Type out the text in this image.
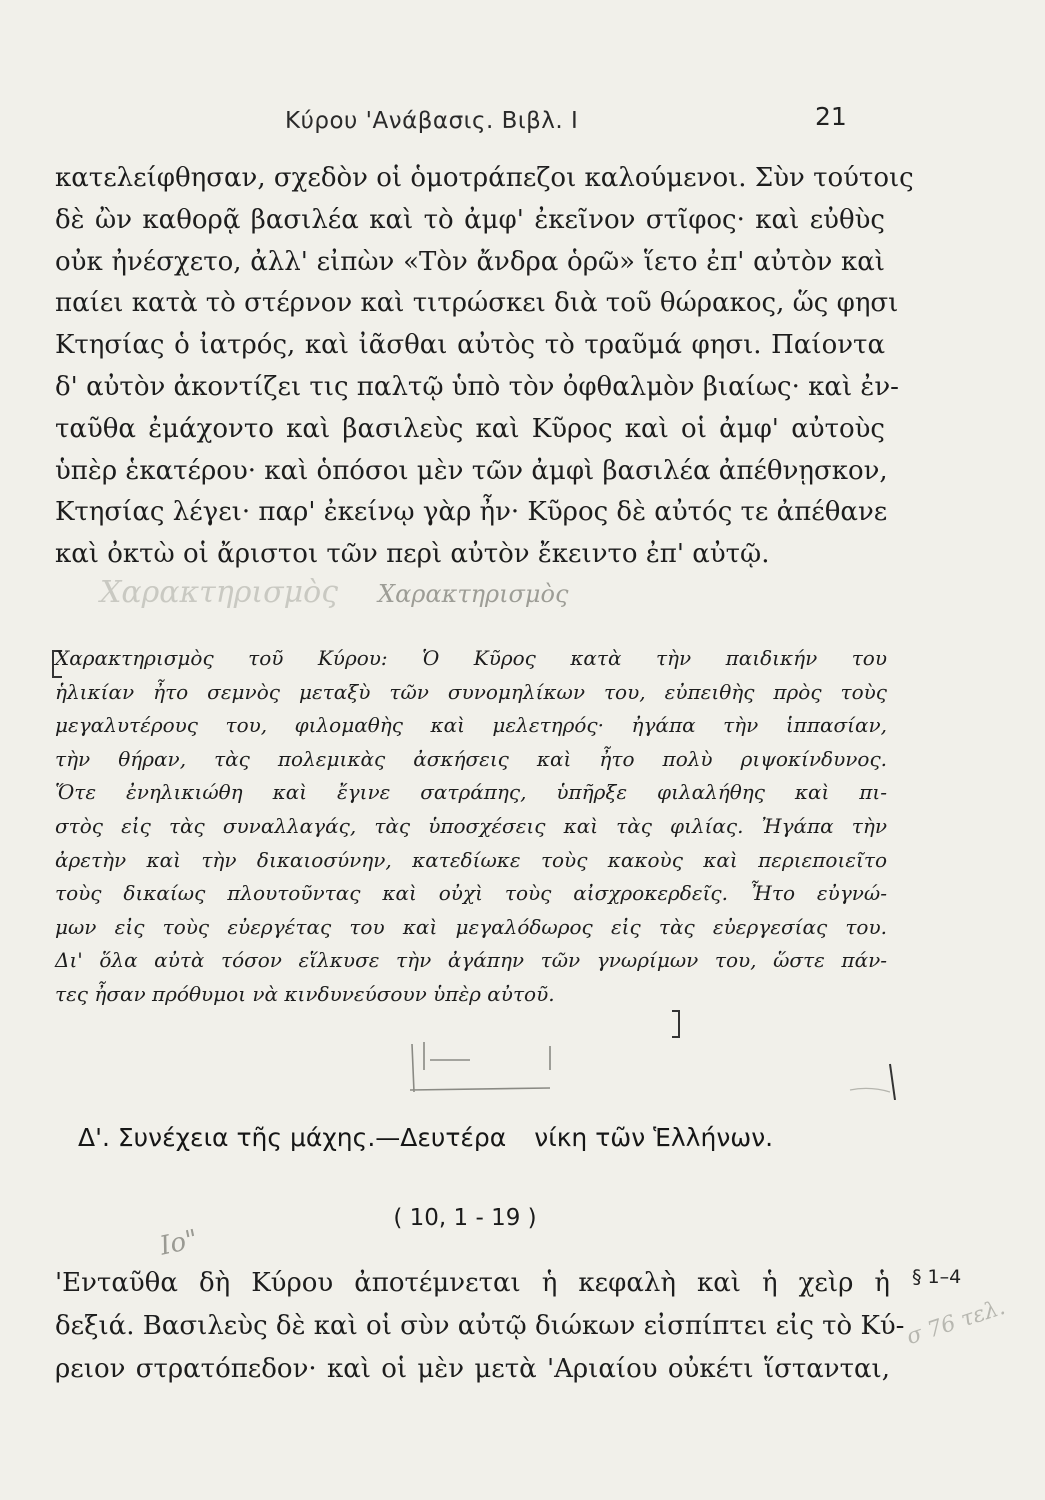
Κύρου 'Ανάβασις. Βιβλ. Ι	21
κατελείφθησαν, σχεδὸν οἱ ὁμοτράπεζοι καλούμενοι. Σὺν τούτοις
δὲ ὢν καθορᾷ βασιλέα καὶ τὸ ἀμφ' ἐκεῖνον στῖφος· καὶ εὐθὺς
οὐκ ἠνέσχετο, ἀλλ' εἰπὼν «Τὸν ἄνδρα ὁρῶ» ἵετο ἐπ' αὐτὸν καὶ
παίει κατὰ τὸ στέρνον καὶ τιτρώσκει διὰ τοῦ θώρακος, ὥς φησι
Κτησίας ὁ ἰατρός, καὶ ἰᾶσθαι αὐτὸς τὸ τραῦμά φησι. Παίοντα
δ' αὐτὸν ἀκοντίζει τις παλτῷ ὑπὸ τὸν ὀφθαλμὸν βιαίως· καὶ ἐν-
ταῦθα ἐμάχοντο καὶ βασιλεὺς καὶ Κῦρος καὶ οἱ ἀμφ' αὐτοὺς
ὑπὲρ ἑκατέρου· καὶ ὁπόσοι μὲν τῶν ἀμφὶ βασιλέα ἀπέθνῃσκον,
Κτησίας λέγει· παρ' ἐκείνῳ γὰρ ἦν· Κῦρος δὲ αὐτός τε ἀπέθανε
καὶ ὀκτὼ οἱ ἄριστοι τῶν περὶ αὐτὸν ἔκειντο ἐπ' αὐτῷ.
Χαρακτηρισμὸς Χαρακτηρισμὸς
Χαρακτηρισμὸς τοῦ Κύρου: Ὁ Κῦρος κατὰ τὴν παιδικήν του
ἡλικίαν ἦτο σεμνὸς μεταξὺ τῶν συνομηλίκων του, εὐπειθὴς πρὸς τοὺς
μεγαλυτέρους του, φιλομαθὴς καὶ μελετηρός· ἠγάπα τὴν ἱππασίαν,
τὴν θήραν, τὰς πολεμικὰς ἀσκήσεις καὶ ἦτο πολὺ ριψοκίνδυνος.
Ὅτε ἐνηλικιώθη καὶ ἔγινε σατράπης, ὑπῆρξε φιλαλήθης καὶ πι-
στὸς εἰς τὰς συναλλαγάς, τὰς ὑποσχέσεις καὶ τὰς φιλίας. Ἠγάπα τὴν
ἀρετὴν καὶ τὴν δικαιοσύνην, κατεδίωκε τοὺς κακοὺς καὶ περιεποιεῖτο
τοὺς δικαίως πλουτοῦντας καὶ οὐχὶ τοὺς αἰσχροκερδεῖς. Ἦτο εὐγνώ-
μων εἰς τοὺς εὐεργέτας του καὶ μεγαλόδωρος εἰς τὰς εὐεργεσίας του.
Δι' ὅλα αὐτὰ τόσον εἵλκυσε τὴν ἀγάπην τῶν γνωρίμων του, ὥστε πάν-
τες ἦσαν πρόθυμοι νὰ κινδυνεύσουν ὑπὲρ αὐτοῦ.
Δ'. Συνέχεια τῆς μάχης.—Δευτέρα νίκη τῶν Ἑλλήνων.
( 10, 1 - 19 )
Ιο"
'Ενταῦθα δὴ Κύρου ἀποτέμνεται ἡ κεφαλὴ καὶ ἡ χεὶρ ἡ
δεξιά. Βασιλεὺς δὲ καὶ οἱ σὺν αὐτῷ διώκων εἰσπίπτει εἰς τὸ Κύ-
ρειον στρατόπεδον· καὶ οἱ μὲν μετὰ 'Αριαίου οὐκέτι ἵστανται,
§ 1–4
σ 76 τελ.
